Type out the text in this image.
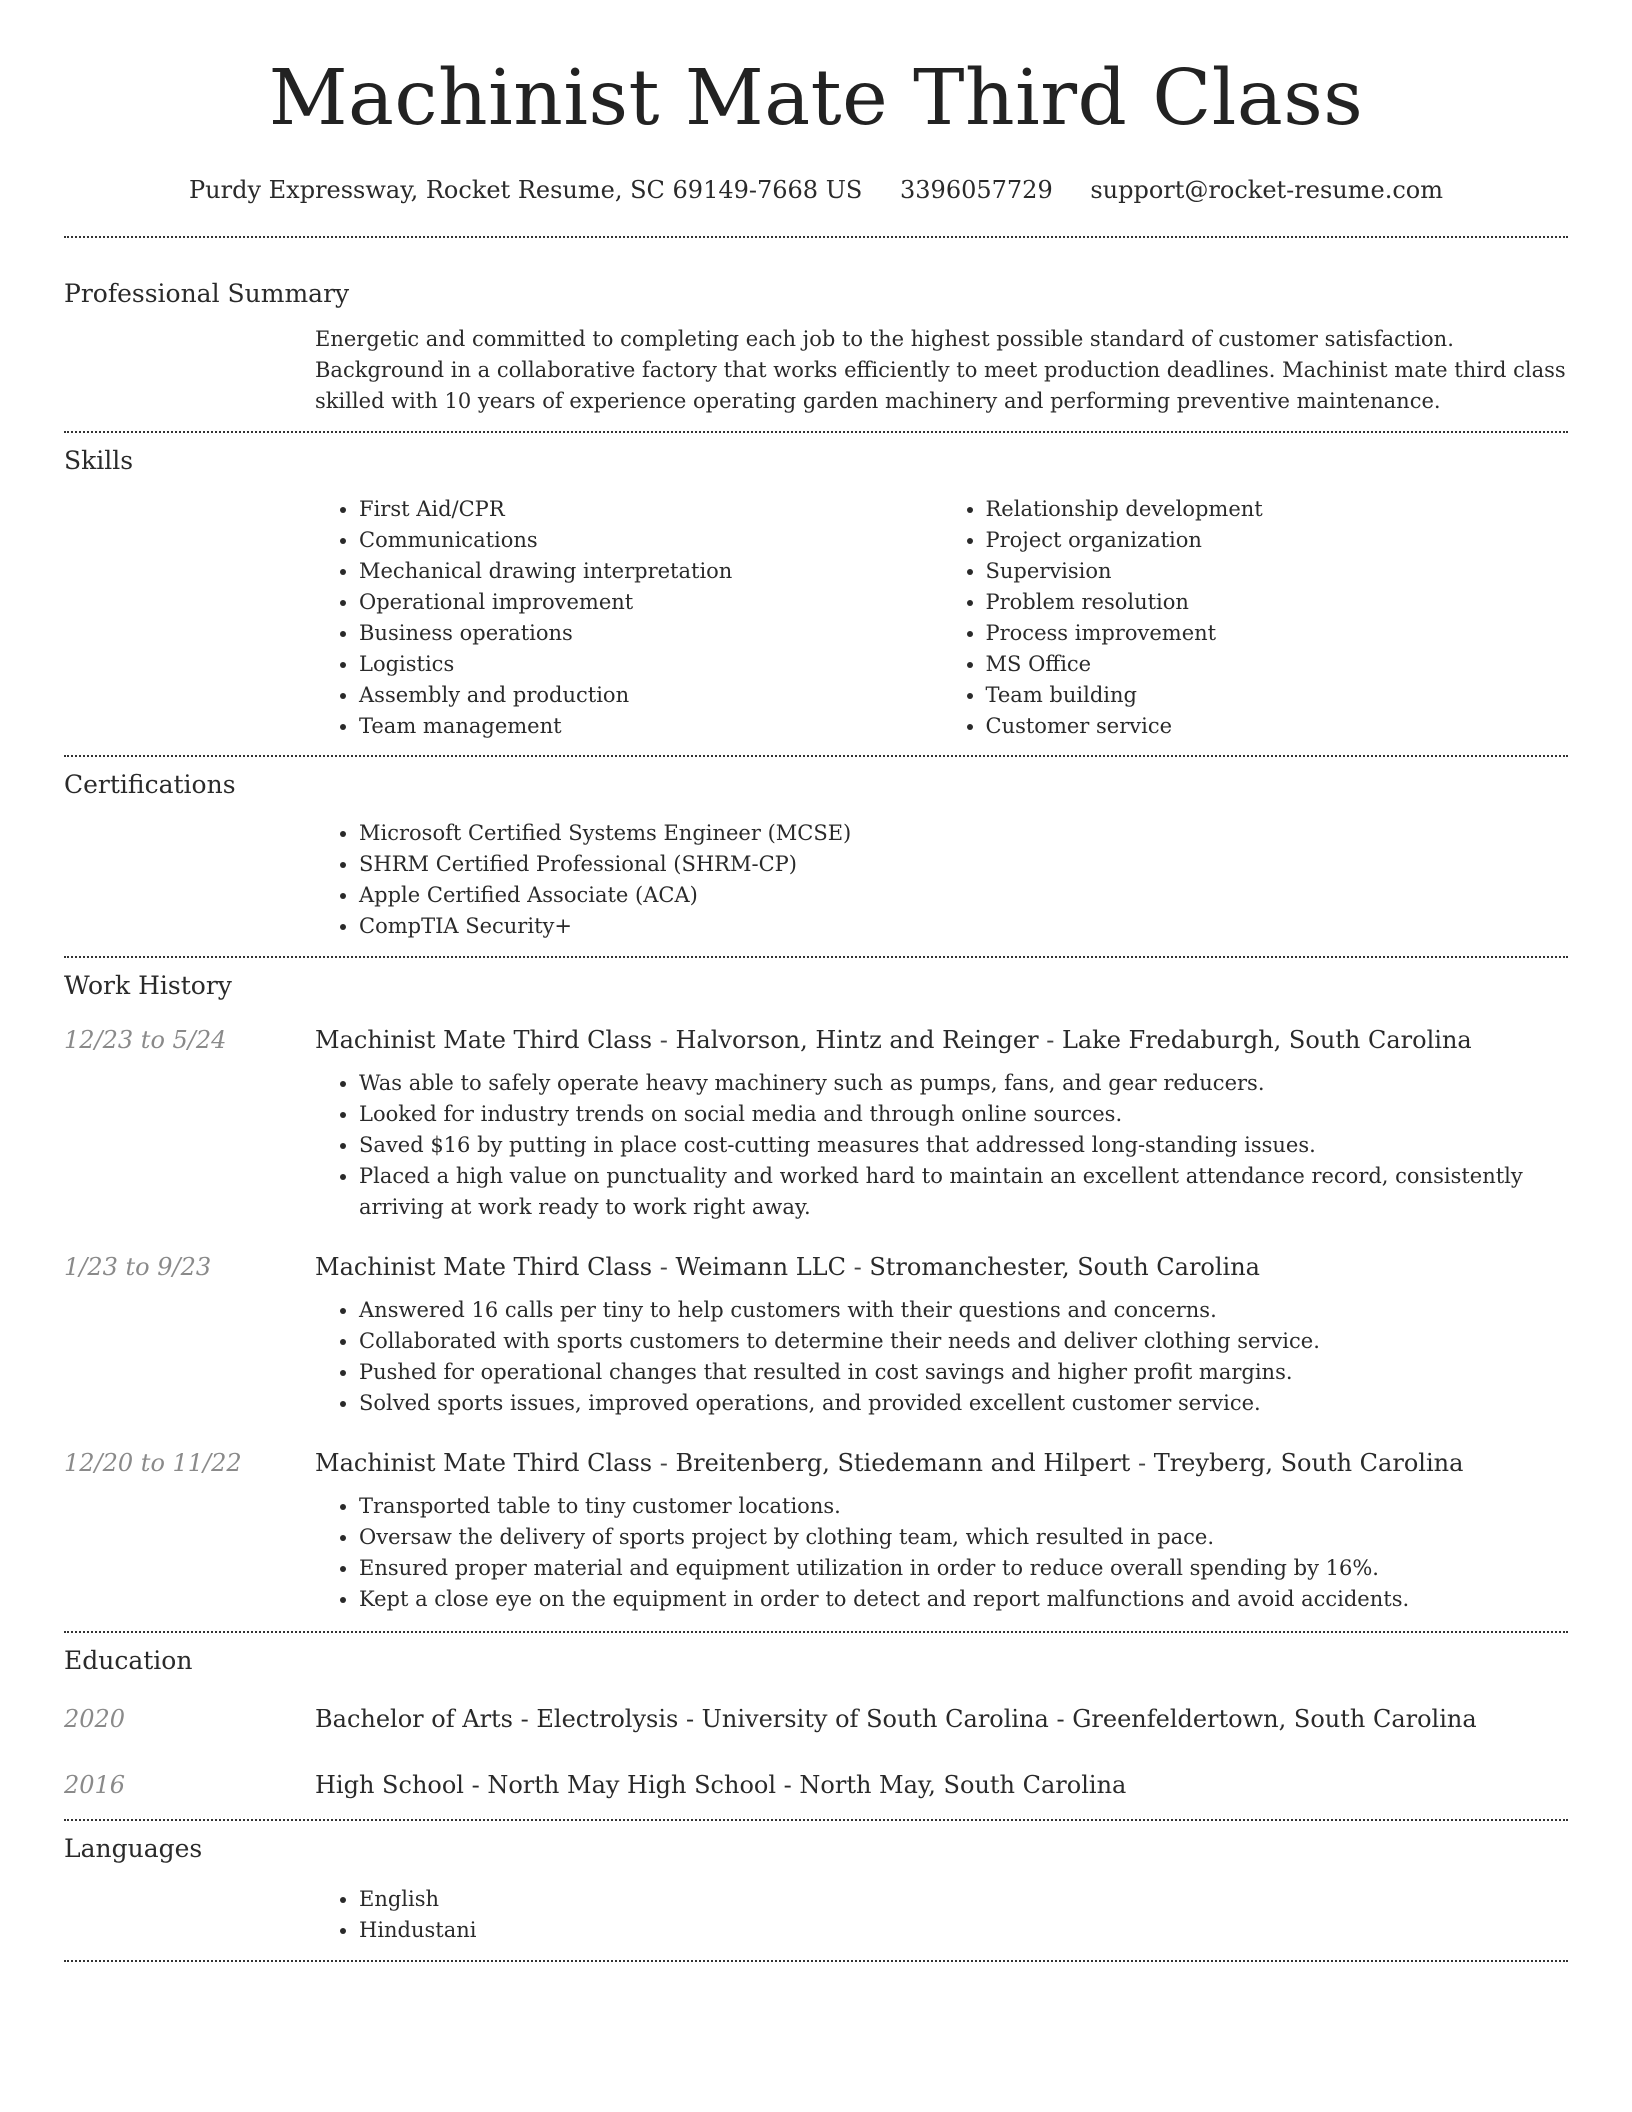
Machinist Mate Third Class
Purdy Expressway, Rocket Resume, SC 69149-7668 US 3396057729 support@rocket-resume.com
Professional Summary
Energetic and committed to completing each job to the highest possible standard of customer satisfaction. Background in a collaborative factory that works efficiently to meet production deadlines. Machinist mate third class skilled with 10 years of experience operating garden machinery and performing preventive maintenance.
Skills
• First Aid/CPR
• Communications
• Mechanical drawing interpretation
• Operational improvement
• Business operations
• Logistics
• Assembly and production
• Team management
• Relationship development
• Project organization
• Supervision
• Problem resolution
• Process improvement
• MS Office
• Team building
• Customer service
Certifications
• Microsoft Certified Systems Engineer (MCSE)
• SHRM Certified Professional (SHRM-CP)
• Apple Certified Associate (ACA)
• CompTIA Security+
Work History
12/23 to 5/24	Machinist Mate Third Class - Halvorson, Hintz and Reinger - Lake Fredaburgh, South Carolina
• Was able to safely operate heavy machinery such as pumps, fans, and gear reducers.
• Looked for industry trends on social media and through online sources.
• Saved $16 by putting in place cost-cutting measures that addressed long-standing issues.
• Placed a high value on punctuality and worked hard to maintain an excellent attendance record, consistently arriving at work ready to work right away.
1/23 to 9/23	Machinist Mate Third Class - Weimann LLC - Stromanchester, South Carolina
• Answered 16 calls per tiny to help customers with their questions and concerns.
• Collaborated with sports customers to determine their needs and deliver clothing service.
• Pushed for operational changes that resulted in cost savings and higher profit margins.
• Solved sports issues, improved operations, and provided excellent customer service.
12/20 to 11/22	Machinist Mate Third Class - Breitenberg, Stiedemann and Hilpert - Treyberg, South Carolina
• Transported table to tiny customer locations.
• Oversaw the delivery of sports project by clothing team, which resulted in pace.
• Ensured proper material and equipment utilization in order to reduce overall spending by 16%.
• Kept a close eye on the equipment in order to detect and report malfunctions and avoid accidents.
Education
2020	Bachelor of Arts - Electrolysis - University of South Carolina - Greenfeldertown, South Carolina
2016	High School - North May High School - North May, South Carolina
Languages
• English
• Hindustani
